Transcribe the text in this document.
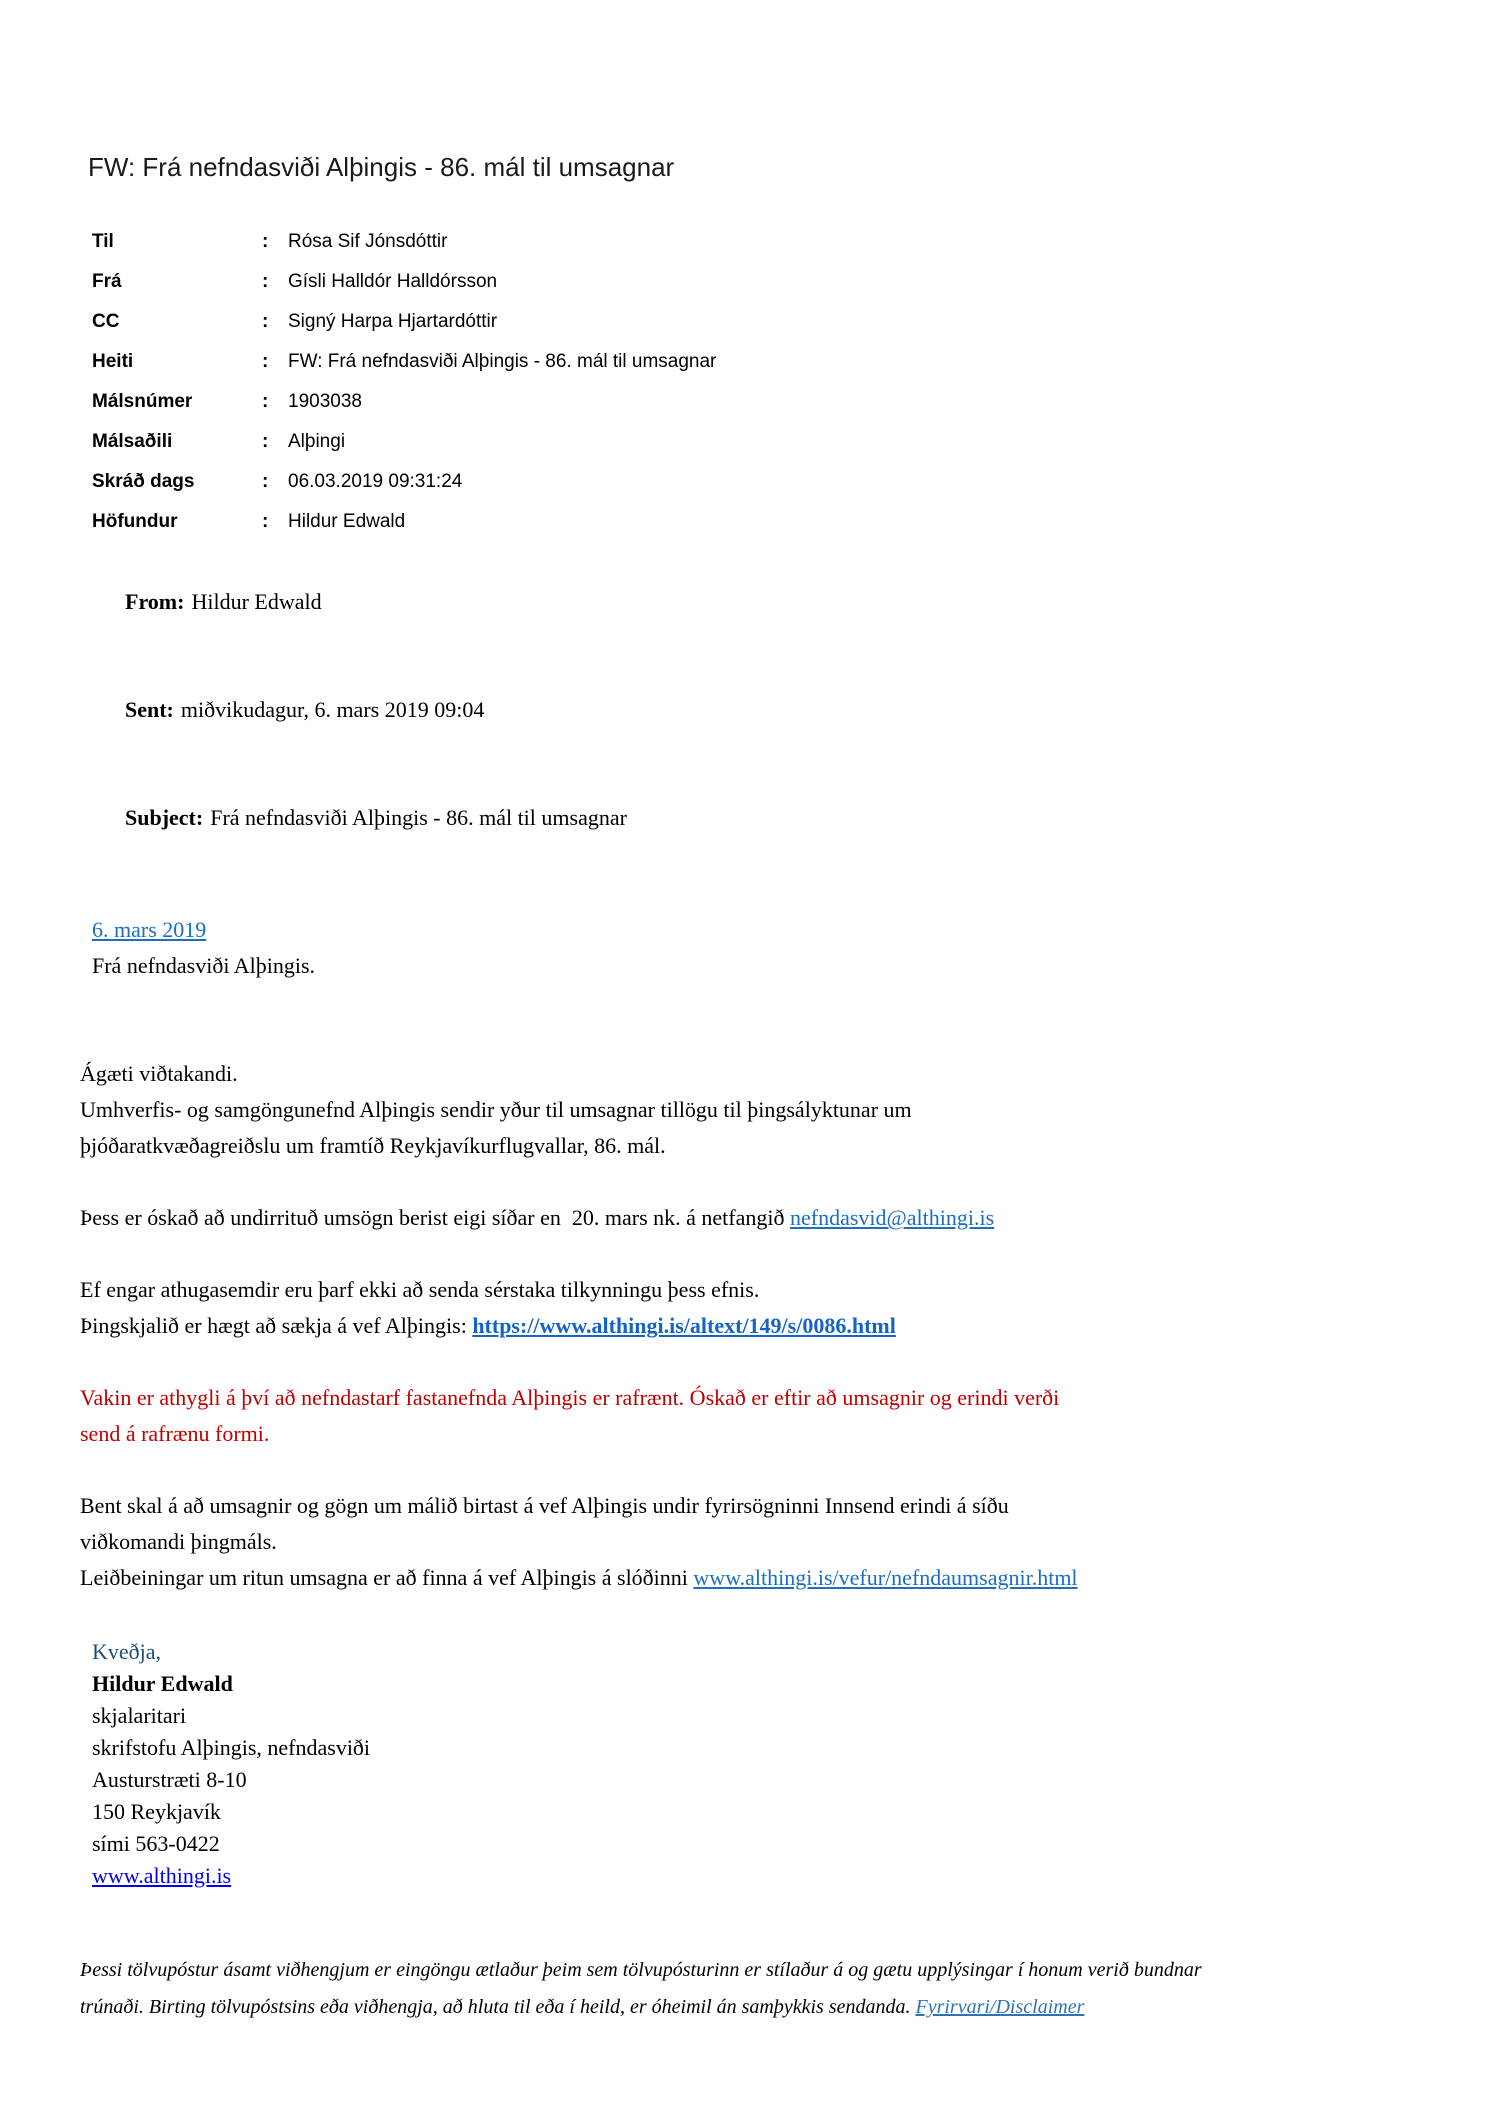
FW: Frá nefndasviði Alþingis - 86. mál til umsagnar
Til	:	Rósa Sif Jónsdóttir
Frá	:	Gísli Halldór Halldórsson
CC	:	Signý Harpa Hjartardóttir
Heiti	:	FW: Frá nefndasviði Alþingis - 86. mál til umsagnar
Málsnúmer	:	1903038
Málsaðili	:	Alþingi
Skráð dags	:	06.03.2019 09:31:24
Höfundur	:	Hildur Edwald

From: Hildur Edwald

Sent: miðvikudagur, 6. mars 2019 09:04

Subject: Frá nefndasviði Alþingis - 86. mál til umsagnar

6. mars 2019
Frá nefndasviði Alþingis.
Ágæti viðtakandi.
Umhverfis- og samgöngunefnd Alþingis sendir yður til umsagnar tillögu til þingsályktunar um
þjóðaratkvæðagreiðslu um framtíð Reykjavíkurflugvallar, 86. mál.
Þess er óskað að undirrituð umsögn berist eigi síðar en  20. mars nk. á netfangið nefndasvid@althingi.is
Ef engar athugasemdir eru þarf ekki að senda sérstaka tilkynningu þess efnis.
Þingskjalið er hægt að sækja á vef Alþingis: https://www.althingi.is/altext/149/s/0086.html
Vakin er athygli á því að nefndastarf fastanefnda Alþingis er rafrænt. Óskað er eftir að umsagnir og erindi verði
send á rafrænu formi.
Bent skal á að umsagnir og gögn um málið birtast á vef Alþingis undir fyrirsögninni Innsend erindi á síðu
viðkomandi þingmáls.
Leiðbeiningar um ritun umsagna er að finna á vef Alþingis á slóðinni www.althingi.is/vefur/nefndaumsagnir.html
Kveðja,
Hildur Edwald
skjalaritari
skrifstofu Alþingis, nefndasviði
Austurstræti 8-10
150 Reykjavík
sími 563-0422
www.althingi.is
Þessi tölvupóstur ásamt viðhengjum er eingöngu ætlaður þeim sem tölvupósturinn er stílaður á og gætu upplýsingar í honum verið bundnar
trúnaði. Birting tölvupóstsins eða viðhengja, að hluta til eða í heild, er óheimil án samþykkis sendanda. Fyrirvari/Disclaimer
